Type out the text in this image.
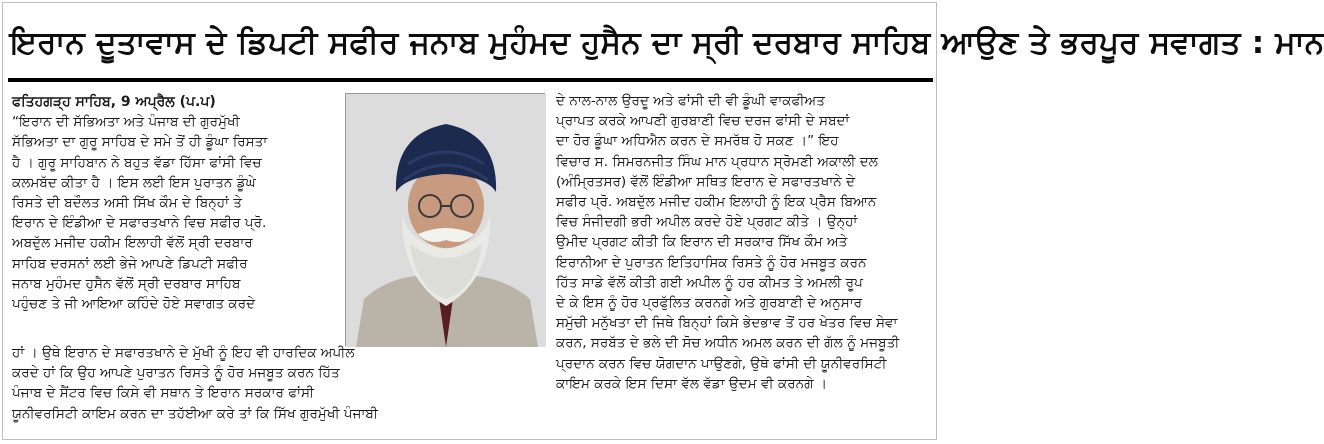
ਇਰਾਨ ਦੂਤਾਵਾਸ ਦੇ ਡਿਪਟੀ ਸਫੀਰ ਜਨਾਬ ਮੁਹੰਮਦ ਹੁਸੈਨ ਦਾ ਸ੍ਰੀ ਦਰਬਾਰ ਸਾਹਿਬ ਆਉਣ ਤੇ ਭਰਪੂਰ ਸਵਾਗਤ : ਮਾਨ
ਫਤਿਹਗੜ੍ਹ ਸਾਹਿਬ, 9 ਅਪ੍ਰੈਲ (ਪ.ਪ)
“ਇਰਾਨ ਦੀ ਸੱਭਿਅਤਾ ਅਤੇ ਪੰਜਾਬ ਦੀ ਗੁਰਮੁੱਖੀ
ਸੱਭਿਅਤਾ ਦਾ ਗੁਰੂ ਸਾਹਿਬ ਦੇ ਸਮੇ ਤੋਂ ਹੀ ਡੂੰਘਾ ਰਿਸਤਾ
ਹੈ । ਗੁਰੂ ਸਾਹਿਬਾਨ ਨੇ ਬਹੁਤ ਵੱਡਾ ਹਿੱਸਾ ਫਾਂਸੀ ਵਿਚ
ਕਲਮਬੱਦ ਕੀਤਾ ਹੈ । ਇਸ ਲਈ ਇਸ ਪੁਰਾਤਨ ਡੂੰਘੇ
ਰਿਸਤੇ ਦੀ ਬਦੌਲਤ ਅਸੀ ਸਿੱਖ ਕੌਮ ਦੇ ਬਿਨ੍ਹਾਂ ਤੇ
ਇਰਾਨ ਦੇ ਇੰਡੀਆ ਦੇ ਸਫਾਰਤਖਾਨੇ ਵਿਚ ਸਫੀਰ ਪ੍ਰੋ.
ਅਬਦੁੱਲ ਮਜੀਦ ਹਕੀਮ ਇਲਾਹੀ ਵੱਲੋਂ ਸ੍ਰੀ ਦਰਬਾਰ
ਸਾਹਿਬ ਦਰਸਨਾਂ ਲਈ ਭੇਜੇ ਆਪਣੇ ਡਿਪਟੀ ਸਫੀਰ
ਜਨਾਬ ਮੁਹੰਮਦ ਹੁਸੈਨ ਵੱਲੋਂ ਸ੍ਰੀ ਦਰਬਾਰ ਸਾਹਿਬ
ਪਹੁੰਚਣ ਤੇ ਜੀ ਆਇਆ ਕਹਿੰਦੇ ਹੋਏ ਸਵਾਗਤ ਕਰਦੇ
ਹਾਂ । ਉਥੇ ਇਰਾਨ ਦੇ ਸਫਾਰਤਖਾਨੇ ਦੇ ਮੁੱਖੀ ਨੂੰ ਇਹ ਵੀ ਹਾਰਦਿਕ ਅਪੀਲ
ਕਰਦੇ ਹਾਂ ਕਿ ਉਹ ਆਪਣੇ ਪੁਰਾਤਨ ਰਿਸਤੇ ਨੂੰ ਹੋਰ ਮਜਬੂਤ ਕਰਨ ਹਿੱਤ
ਪੰਜਾਬ ਦੇ ਸੈਂਟਰ ਵਿਚ ਕਿਸੇ ਵੀ ਸਥਾਨ ਤੇ ਇਰਾਨ ਸਰਕਾਰ ਫਾਂਸੀ
ਯੂਨੀਵਰਸਿਟੀ ਕਾਇਮ ਕਰਨ ਦਾ ਤਹੱਈਆ ਕਰੇ ਤਾਂ ਕਿ ਸਿੱਖ ਗੁਰਮੁੱਖੀ ਪੰਜਾਬੀ
ਦੇ ਨਾਲ-ਨਾਲ ਉਰਦੂ ਅਤੇ ਫਾਂਸੀ ਦੀ ਵੀ ਡੂੰਘੀ ਵਾਕਫੀਅਤ
ਪ੍ਰਾਪਤ ਕਰਕੇ ਆਪਣੀ ਗੁਰਬਾਣੀ ਵਿਚ ਦਰਜ ਫਾਂਸੀ ਦੇ ਸਬਦਾਂ
ਦਾ ਹੋਰ ਡੂੰਘਾ ਅਧਿਐਨ ਕਰਨ ਦੇ ਸਮਰੱਥ ਹੋ ਸਕਣ ।” ਇਹ
ਵਿਚਾਰ ਸ. ਸਿਮਰਨਜੀਤ ਸਿੰਘ ਮਾਨ ਪ੍ਰਧਾਨ ਸ੍ਰੋਮਣੀ ਅਕਾਲੀ ਦਲ
(ਅੰਮ੍ਰਿਤਸਰ) ਵੱਲੋਂ ਇੰਡੀਆ ਸਥਿਤ ਇਰਾਨ ਦੇ ਸਫਾਰਤਖਾਨੇ ਦੇ
ਸਫੀਰ ਪ੍ਰੋ. ਅਬਦੁੱਲ ਮਜੀਦ ਹਕੀਮ ਇਲਾਹੀ ਨੂੰ ਇਕ ਪ੍ਰੈਸ ਬਿਆਨ
ਵਿਚ ਸੰਜੀਦਗੀ ਭਰੀ ਅਪੀਲ ਕਰਦੇ ਹੋਏ ਪ੍ਰਗਟ ਕੀਤੇ । ਉਨ੍ਹਾਂ
ਉਮੀਦ ਪ੍ਰਗਟ ਕੀਤੀ ਕਿ ਇਰਾਨ ਦੀ ਸਰਕਾਰ ਸਿੱਖ ਕੌਮ ਅਤੇ
ਇਰਾਨੀਆ ਦੇ ਪੁਰਾਤਨ ਇਤਿਹਾਸਿਕ ਰਿਸਤੇ ਨੂੰ ਹੋਰ ਮਜਬੂਤ ਕਰਨ
ਹਿੱਤ ਸਾਡੇ ਵੱਲੋਂ ਕੀਤੀ ਗਈ ਅਪੀਲ ਨੂੰ ਹਰ ਕੀਮਤ ਤੇ ਅਮਲੀ ਰੂਪ
ਦੇ ਕੇ ਇਸ ਨੂੰ ਹੋਰ ਪ੍ਰਫੁੱਲਿਤ ਕਰਨਗੇ ਅਤੇ ਗੁਰਬਾਣੀ ਦੇ ਅਨੁਸਾਰ
ਸਮੁੱਚੀ ਮਨੁੱਖਤਾ ਦੀ ਜਿਥੇ ਬਿਨ੍ਹਾਂ ਕਿਸੇ ਭੇਦਭਾਵ ਤੋਂ ਹਰ ਖੇਤਰ ਵਿਚ ਸੇਵਾ
ਕਰਨ, ਸਰਬੱਤ ਦੇ ਭਲੇ ਦੀ ਸੋਚ ਅਧੀਨ ਅਮਲ ਕਰਨ ਦੀ ਗੱਲ ਨੂੰ ਮਜਬੂਤੀ
ਪ੍ਰਦਾਨ ਕਰਨ ਵਿਚ ਯੋਗਦਾਨ ਪਾਉਣਗੇ, ਉਥੇ ਫਾਂਸੀ ਦੀ ਯੂਨੀਵਰਸਿਟੀ
ਕਾਇਮ ਕਰਕੇ ਇਸ ਦਿਸਾ ਵੱਲ ਵੱਡਾ ਉਦਮ ਵੀ ਕਰਨਗੇ ।
